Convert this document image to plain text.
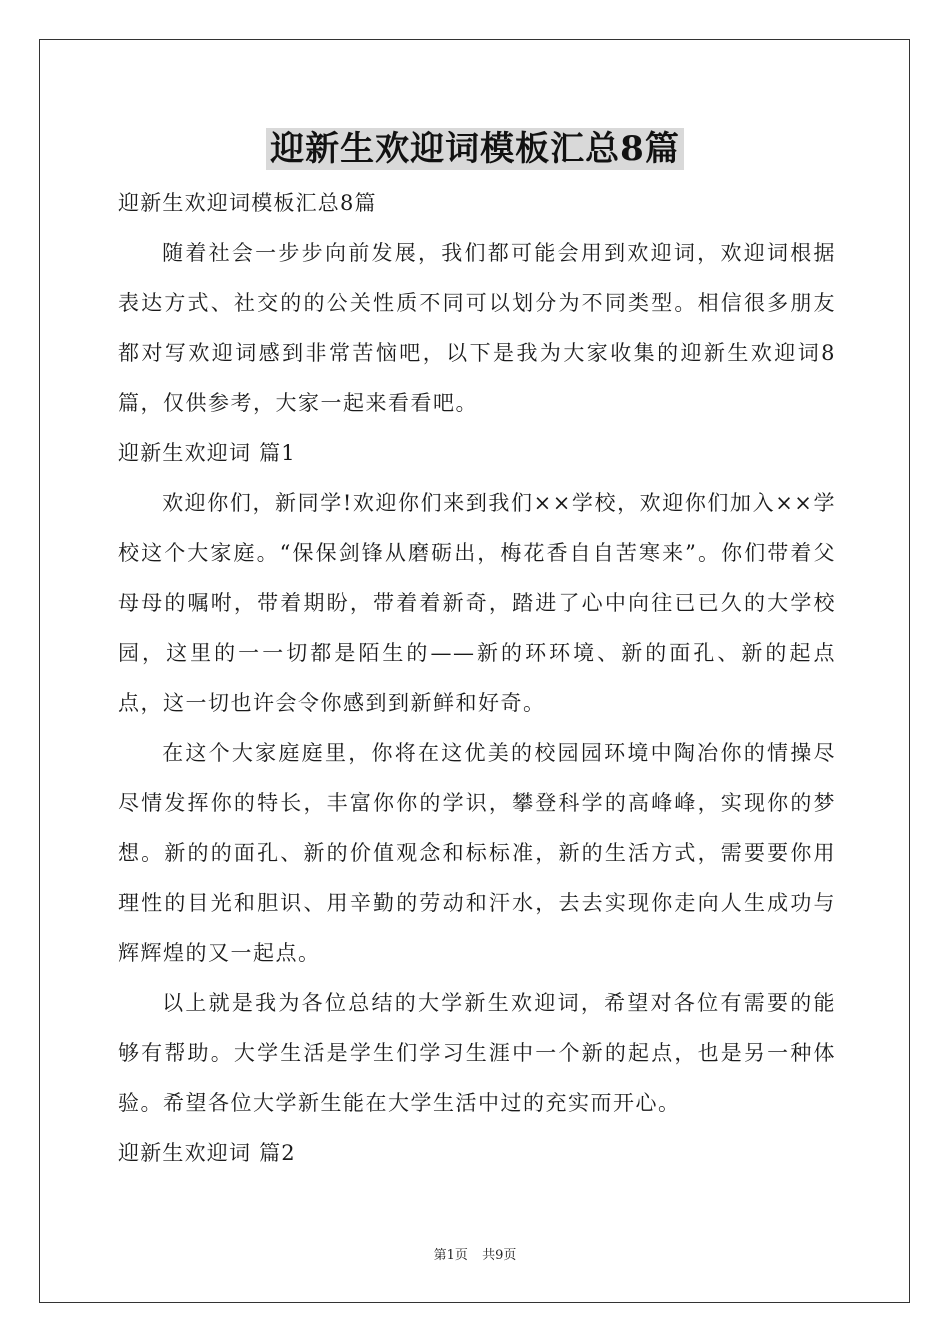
迎新生欢迎词模板汇总8篇
迎新生欢迎词模板汇总8篇

随着社会一步步向前发展，我们都可能会用到欢迎词，欢迎词根据表达方式、社交的的公关性质不同可以划分为不同类型。相信很多朋友都对写欢迎词感到非常苦恼吧，以下是我为大家收集的迎新生欢迎词8篇，仅供参考，大家一起来看看吧。

迎新生欢迎词 篇1

欢迎你们，新同学!欢迎你们来到我们××学校，欢迎你们加入××学校这个大家庭。“保保剑锋从磨砺出，梅花香自自苦寒来”。你们带着父母母的嘱咐，带着期盼，带着着新奇，踏进了心中向往已已久的大学校园，这里的一一切都是陌生的——新的环环境、新的面孔、新的起点点，这一切也许会令你感到到新鲜和好奇。

在这个大家庭庭里，你将在这优美的校园园环境中陶冶你的情操尽尽情发挥你的特长，丰富你你的学识，攀登科学的高峰峰，实现你的梦想。新的的面孔、新的价值观念和标标准，新的生活方式，需要要你用理性的目光和胆识、用辛勤的劳动和汗水，去去实现你走向人生成功与辉辉煌的又一起点。

以上就是我为各位总结的大学新生欢迎词，希望对各位有需要的能够有帮助。大学生活是学生们学习生涯中一个新的起点，也是另一种体验。希望各位大学新生能在大学生活中过的充实而开心。

迎新生欢迎词 篇2
第1页 共9页
